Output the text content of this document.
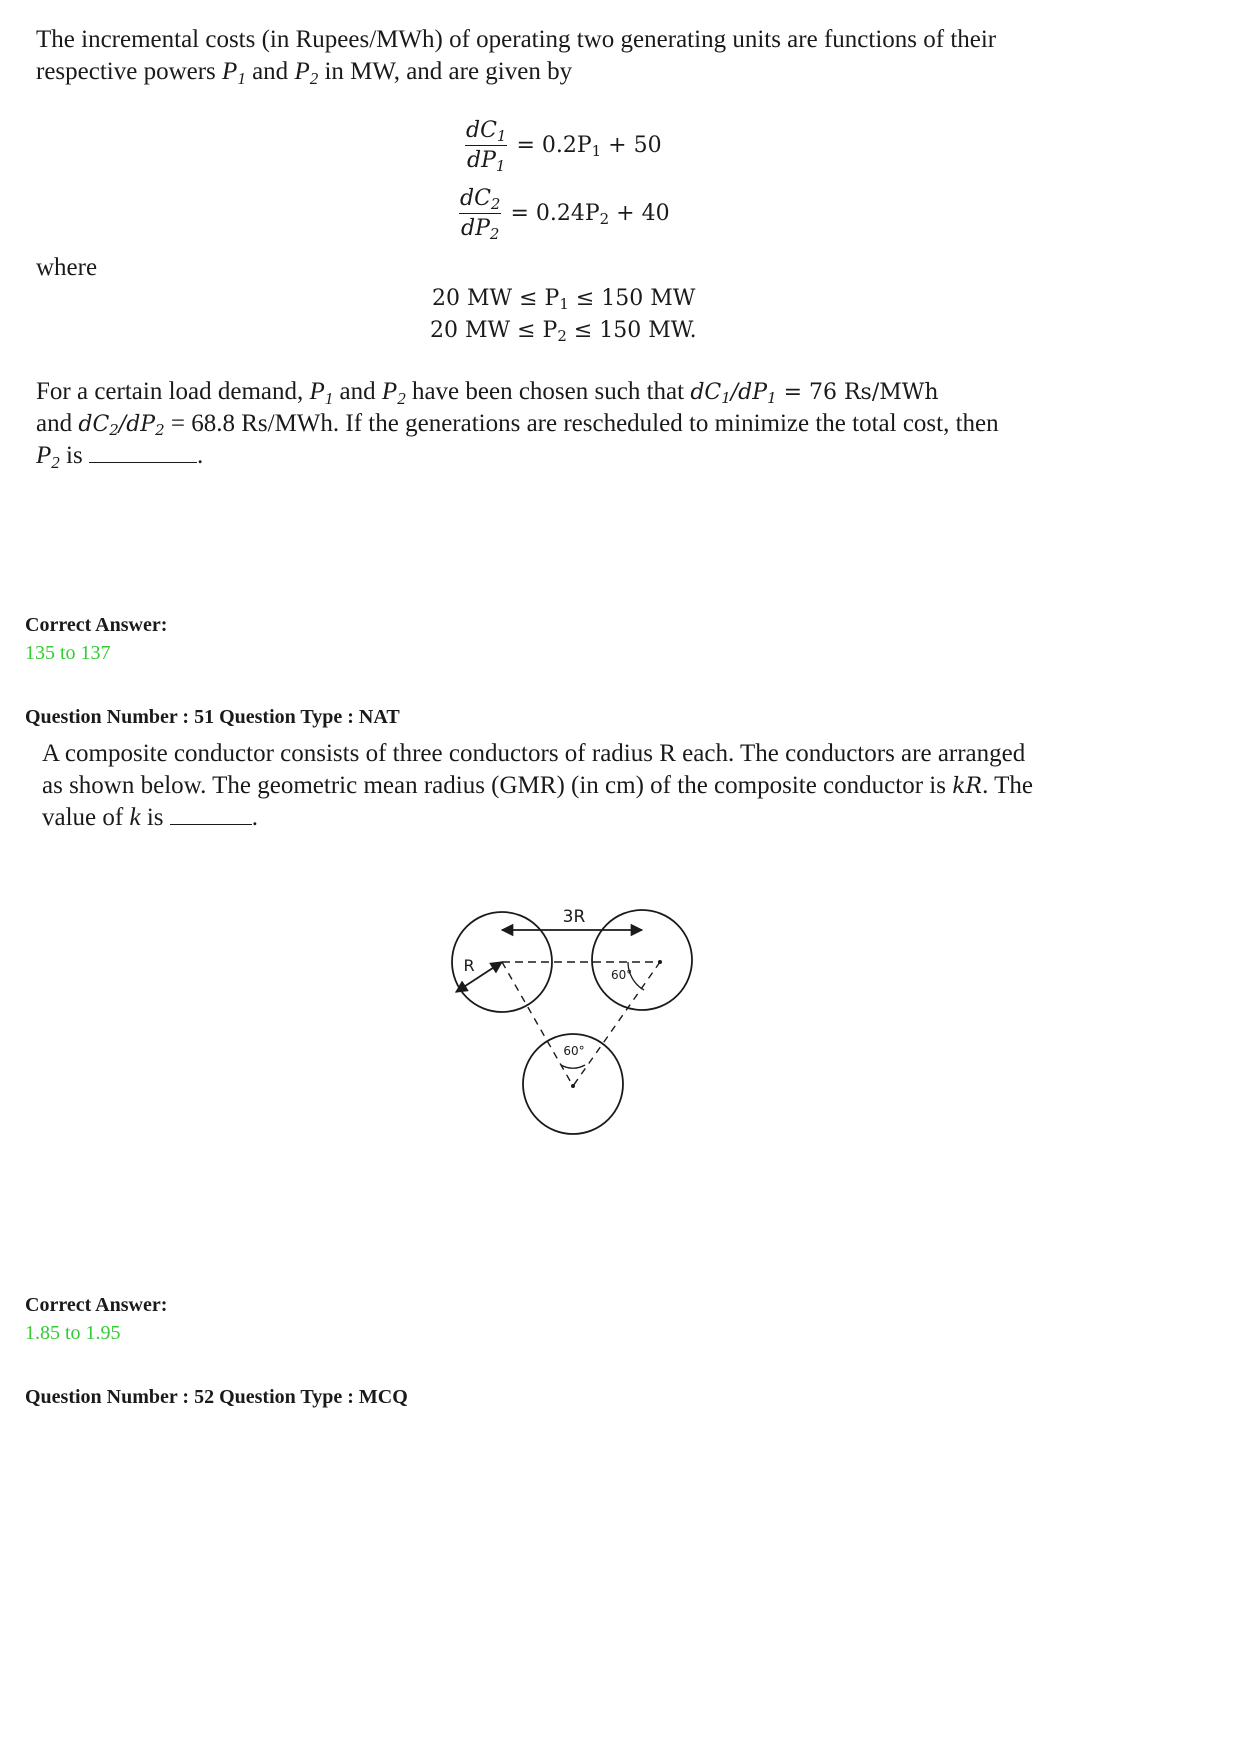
The incremental costs (in Rupees/MWh) of operating two generating units are functions of their
respective powers $P_1$ and $P_2$ in MW, and are given by
$\frac{dC_1}{dP_1} = 0.2P_1 + 50$
$\frac{dC_2}{dP_2} = 0.24P_2 + 40$
where
20 MW ≤ $P_1 \le 150$ MW
20 MW ≤ $P_2 \le 150$ MW.
For a certain load demand, $P_1$ and $P_2$ have been chosen such that $dC_1/dP_1 = 76$ Rs/MWh
and $dC_2/dP_2 = 68.8$ Rs/MWh. If the generations are rescheduled to minimize the total cost, then
$P_2$ is	.
Correct Answer:
135 to 137
Question Number : 51 Question Type : NAT
A composite conductor consists of three conductors of radius R each. The conductors are arranged
as shown below. The geometric mean radius (GMR) (in cm) of the composite conductor is kR. The
value of k is	.
3R
R	60°
60°
Correct Answer:
1.85 to 1.95
Question Number : 52 Question Type : MCQ
